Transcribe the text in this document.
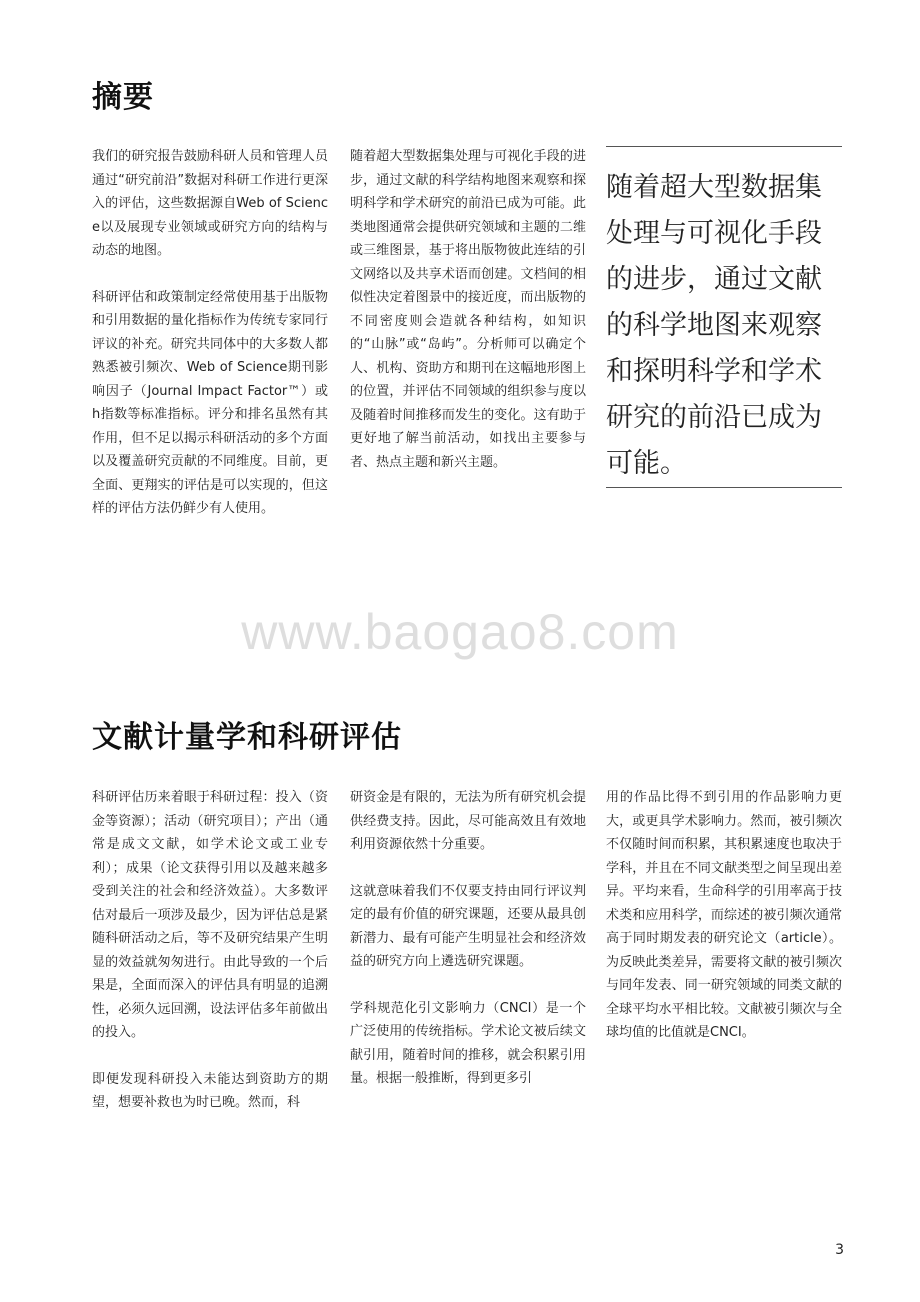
摘要

我们的研究报告鼓励科研人员和管理人员通过“研究前沿”数据对科研工作进行更深入的评估，这些数据源自Web of Science以及展现专业领域或研究方向的结构与动态的地图。

科研评估和政策制定经常使用基于出版物和引用数据的量化指标作为传统专家同行评议的补充。研究共同体中的大多数人都熟悉被引频次、Web of Science期刊影响因子（Journal Impact Factor™）或h指数等标准指标。评分和排名虽然有其作用，但不足以揭示科研活动的多个方面以及覆盖研究贡献的不同维度。目前，更全面、更翔实的评估是可以实现的，但这样的评估方法仍鲜少有人使用。

随着超大型数据集处理与可视化手段的进步，通过文献的科学结构地图来观察和探明科学和学术研究的前沿已成为可能。此类地图通常会提供研究领域和主题的二维或三维图景，基于将出版物彼此连结的引文网络以及共享术语而创建。文档间的相似性决定着图景中的接近度，而出版物的不同密度则会造就各种结构，如知识的“山脉”或“岛屿”。分析师可以确定个人、机构、资助方和期刊在这幅地形图上的位置，并评估不同领域的组织参与度以及随着时间推移而发生的变化。这有助于更好地了解当前活动，如找出主要参与者、热点主题和新兴主题。

随着超大型数据集处理与可视化手段的进步，通过文献的科学地图来观察和探明科学和学术研究的前沿已成为可能。

www.baogao8.com
文献计量学和科研评估

科研评估历来着眼于科研过程：投入（资金等资源）；活动（研究项目）；产出（通常是成文文献，如学术论文或工业专利）；成果（论文获得引用以及越来越多受到关注的社会和经济效益）。大多数评估对最后一项涉及最少，因为评估总是紧随科研活动之后，等不及研究结果产生明显的效益就匆匆进行。由此导致的一个后果是，全面而深入的评估具有明显的追溯性，必须久远回溯，设法评估多年前做出的投入。

即便发现科研投入未能达到资助方的期望，想要补救也为时已晚。然而，科

研资金是有限的，无法为所有研究机会提供经费支持。因此，尽可能高效且有效地利用资源依然十分重要。

这就意味着我们不仅要支持由同行评议判定的最有价值的研究课题，还要从最具创新潜力、最有可能产生明显社会和经济效益的研究方向上遴选研究课题。

学科规范化引文影响力（CNCI）是一个广泛使用的传统指标。学术论文被后续文献引用，随着时间的推移，就会积累引用量。根据一般推断，得到更多引

用的作品比得不到引用的作品影响力更大，或更具学术影响力。然而，被引频次不仅随时间而积累，其积累速度也取决于学科，并且在不同文献类型之间呈现出差异。平均来看，生命科学的引用率高于技术类和应用科学，而综述的被引频次通常高于同时期发表的研究论文（article）。为反映此类差异，需要将文献的被引频次与同年发表、同一研究领域的同类文献的全球平均水平相比较。文献被引频次与全球均值的比值就是CNCI。

3
